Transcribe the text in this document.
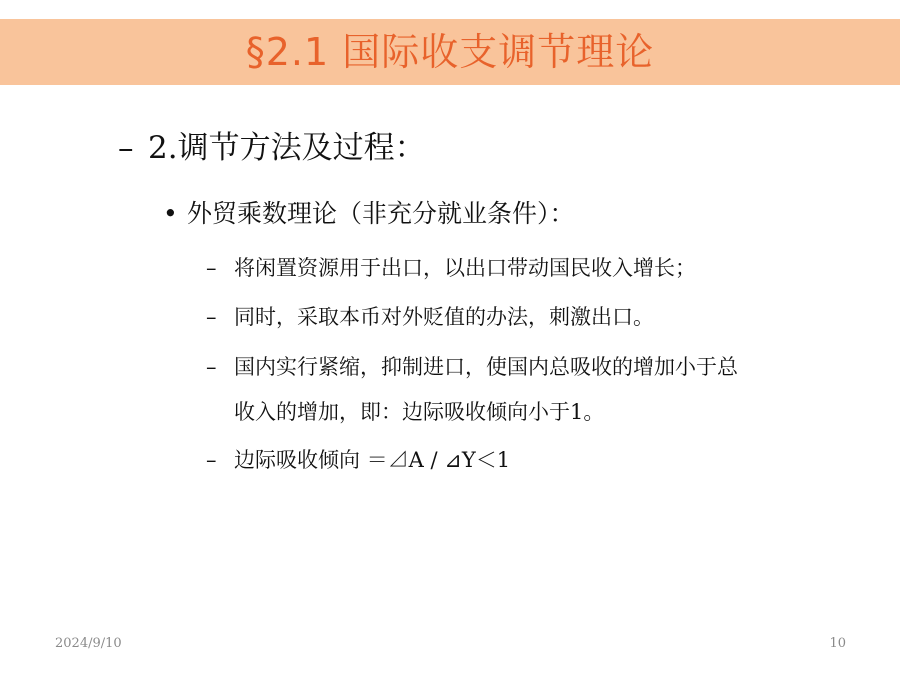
§2.1 国际收支调节理论
– 2.调节方法及过程：
• 外贸乘数理论（非充分就业条件）：
– 将闲置资源用于出口，以出口带动国民收入增长；
– 同时，采取本币对外贬值的办法，刺激出口。
– 国内实行紧缩，抑制进口，使国内总吸收的增加小于总
收入的增加，即：边际吸收倾向小于1。
– 边际吸收倾向 ＝⊿A / ⊿Y＜1
2024/9/10	10
